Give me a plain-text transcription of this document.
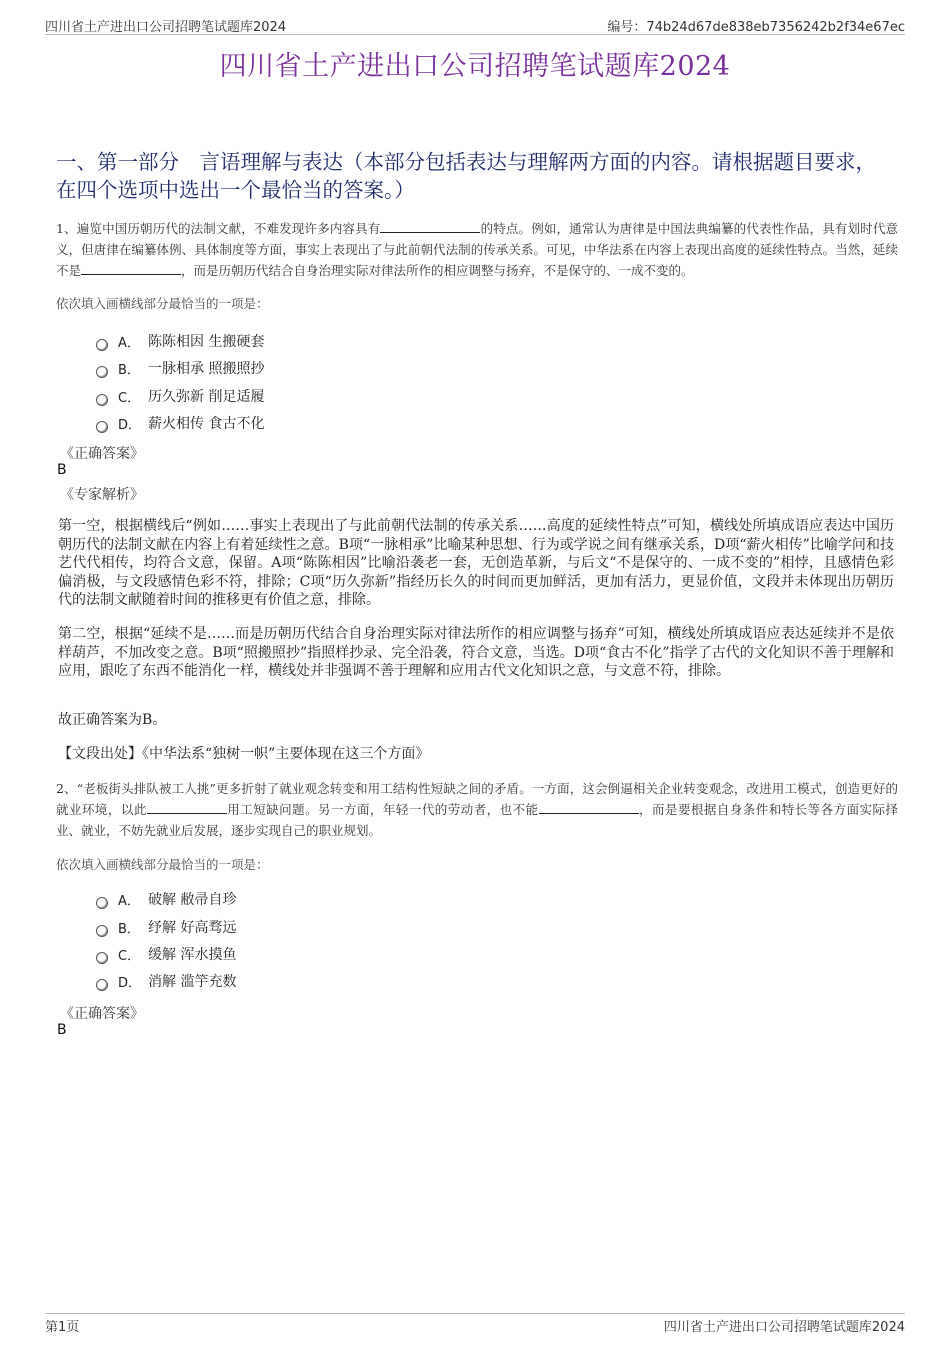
四川省土产进出口公司招聘笔试题库2024	编号：74b24d67de838eb7356242b2f34e67ec
四川省土产进出口公司招聘笔试题库2024
一、第一部分　言语理解与表达（本部分包括表达与理解两方面的内容。请根据题目要求，在四个选项中选出一个最恰当的答案。）
1、遍览中国历朝历代的法制文献，不难发现许多内容具有	的特点。例如，通常认为唐律是中国法典编纂的代表性作品，具有划时代意义，但唐律在编纂体例、具体制度等方面，事实上表现出了与此前朝代法制的传承关系。可见，中华法系在内容上表现出高度的延续性特点。当然，延续不是	，而是历朝历代结合自身治理实际对律法所作的相应调整与扬弃，不是保守的、一成不变的。
依次填入画横线部分最恰当的一项是：
A． 陈陈相因 生搬硬套
B． 一脉相承 照搬照抄
C． 历久弥新 削足适履
D． 薪火相传 食古不化
《正确答案》
B
《专家解析》
第一空，根据横线后“例如……事实上表现出了与此前朝代法制的传承关系……高度的延续性特点”可知，横线处所填成语应表达中国历朝历代的法制文献在内容上有着延续性之意。B项“一脉相承”比喻某种思想、行为或学说之间有继承关系，D项“薪火相传”比喻学问和技艺代代相传，均符合文意，保留。A项“陈陈相因”比喻沿袭老一套，无创造革新，与后文“不是保守的、一成不变的”相悖，且感情色彩偏消极，与文段感情色彩不符，排除；C项“历久弥新”指经历长久的时间而更加鲜活，更加有活力，更显价值，文段并未体现出历朝历代的法制文献随着时间的推移更有价值之意，排除。
第二空，根据“延续不是……而是历朝历代结合自身治理实际对律法所作的相应调整与扬弃”可知，横线处所填成语应表达延续并不是依样葫芦，不加改变之意。B项“照搬照抄”指照样抄录、完全沿袭，符合文意，当选。D项“食古不化”指学了古代的文化知识不善于理解和应用，跟吃了东西不能消化一样，横线处并非强调不善于理解和应用古代文化知识之意，与文意不符，排除。
故正确答案为B。
【文段出处】《中华法系“独树一帜”主要体现在这三个方面》
2、“老板街头排队被工人挑”更多折射了就业观念转变和用工结构性短缺之间的矛盾。一方面，这会倒逼相关企业转变观念，改进用工模式，创造更好的就业环境，以此	用工短缺问题。另一方面，年轻一代的劳动者，也不能	，而是要根据自身条件和特长等各方面实际择业、就业，不妨先就业后发展，逐步实现自己的职业规划。
依次填入画横线部分最恰当的一项是：
A． 破解 敝帚自珍
B． 纾解 好高骛远
C． 缓解 浑水摸鱼
D． 消解 滥竽充数
《正确答案》
B
第1页	四川省土产进出口公司招聘笔试题库2024
